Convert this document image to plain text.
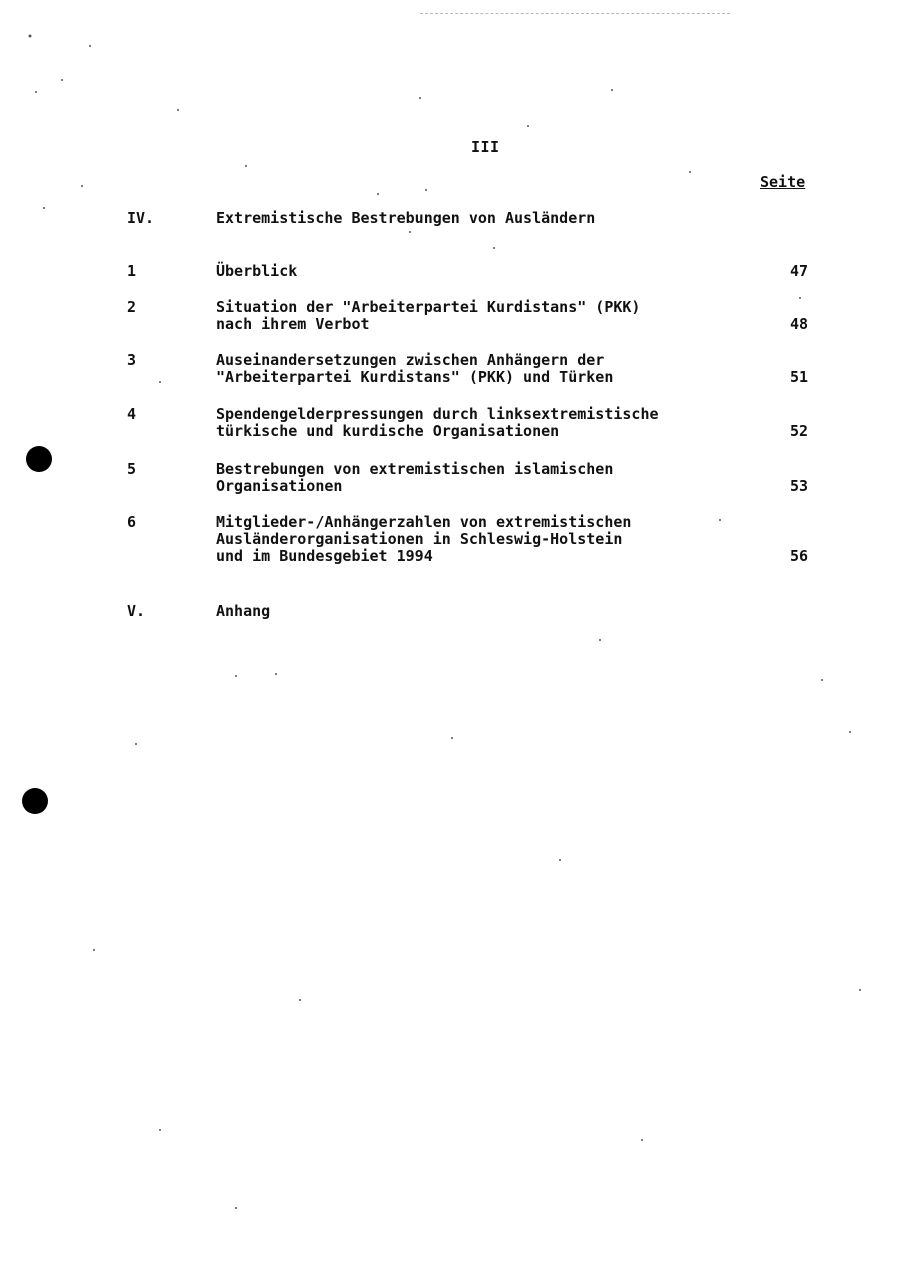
III
Seite
IV.	Extremistische Bestrebungen von Ausländern
1	Überblick	47
2	Situation der "Arbeiterpartei Kurdistans" (PKK)
nach ihrem Verbot	48
3	Auseinandersetzungen zwischen Anhängern der
"Arbeiterpartei Kurdistans" (PKK) und Türken	51
4	Spendengelderpressungen durch linksextremistische
türkische und kurdische Organisationen	52
5	Bestrebungen von extremistischen islamischen
Organisationen	53
6	Mitglieder-/Anhängerzahlen von extremistischen
Ausländerorganisationen in Schleswig-Holstein
und im Bundesgebiet 1994	56
V.	Anhang
